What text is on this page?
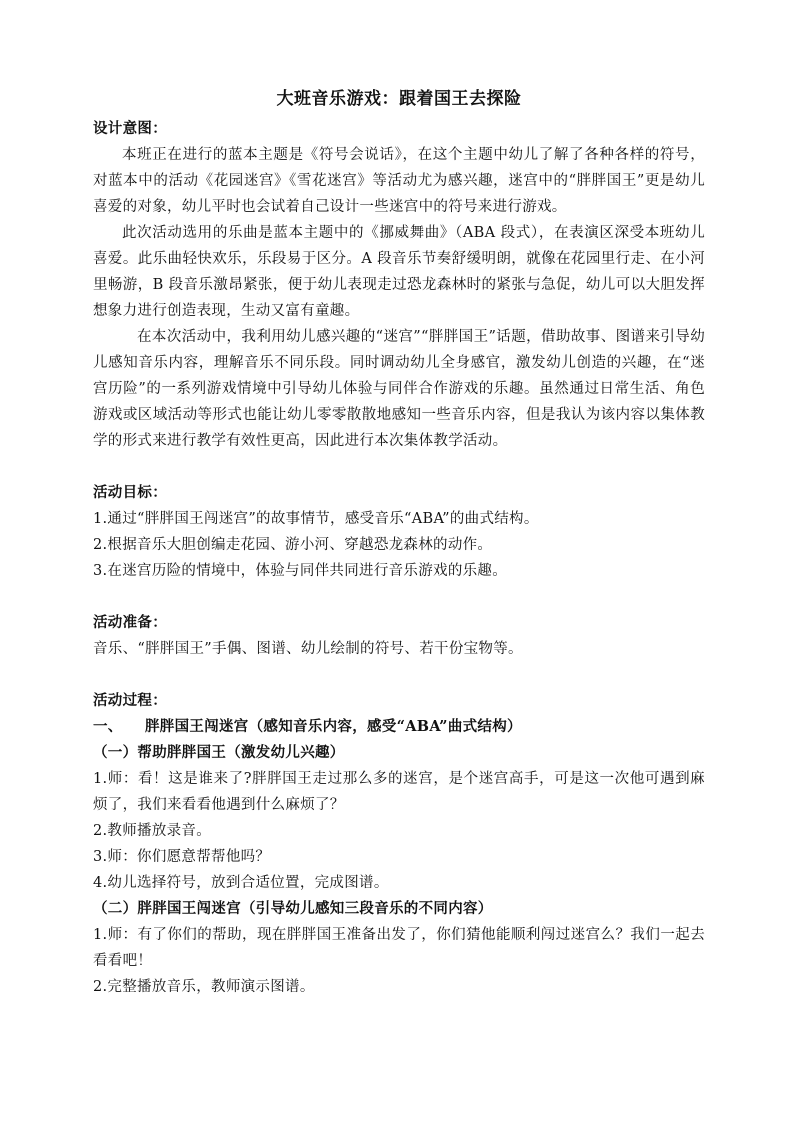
大班音乐游戏：跟着国王去探险

设计意图：

本班正在进行的蓝本主题是《符号会说话》，在这个主题中幼儿了解了各种各样的符号，对蓝本中的活动《花园迷宫》《雪花迷宫》等活动尤为感兴趣，迷宫中的“胖胖国王”更是幼儿喜爱的对象，幼儿平时也会试着自己设计一些迷宫中的符号来进行游戏。

此次活动选用的乐曲是蓝本主题中的《挪威舞曲》（ABA 段式），在表演区深受本班幼儿喜爱。此乐曲轻快欢乐，乐段易于区分。A 段音乐节奏舒缓明朗，就像在花园里行走、在小河里畅游，B 段音乐激昂紧张，便于幼儿表现走过恐龙森林时的紧张与急促，幼儿可以大胆发挥想象力进行创造表现，生动又富有童趣。

在本次活动中，我利用幼儿感兴趣的“迷宫”“胖胖国王”话题，借助故事、图谱来引导幼儿感知音乐内容，理解音乐不同乐段。同时调动幼儿全身感官，激发幼儿创造的兴趣，在“迷宫历险”的一系列游戏情境中引导幼儿体验与同伴合作游戏的乐趣。虽然通过日常生活、角色游戏或区域活动等形式也能让幼儿零零散散地感知一些音乐内容，但是我认为该内容以集体教学的形式来进行教学有效性更高，因此进行本次集体教学活动。

活动目标：

1.通过“胖胖国王闯迷宫”的故事情节，感受音乐“ABA”的曲式结构。

2.根据音乐大胆创编走花园、游小河、穿越恐龙森林的动作。

3.在迷宫历险的情境中，体验与同伴共同进行音乐游戏的乐趣。

活动准备：

音乐、“胖胖国王”手偶、图谱、幼儿绘制的符号、若干份宝物等。

活动过程：

一、 胖胖国王闯迷宫（感知音乐内容，感受“ABA”曲式结构）

（一）帮助胖胖国王（激发幼儿兴趣）

1.师：看！这是谁来了?胖胖国王走过那么多的迷宫，是个迷宫高手，可是这一次他可遇到麻烦了，我们来看看他遇到什么麻烦了？

2.教师播放录音。

3.师：你们愿意帮帮他吗？

4.幼儿选择符号，放到合适位置，完成图谱。

（二）胖胖国王闯迷宫（引导幼儿感知三段音乐的不同内容）

1.师：有了你们的帮助，现在胖胖国王准备出发了，你们猜他能顺利闯过迷宫么？我们一起去看看吧！

2.完整播放音乐，教师演示图谱。
